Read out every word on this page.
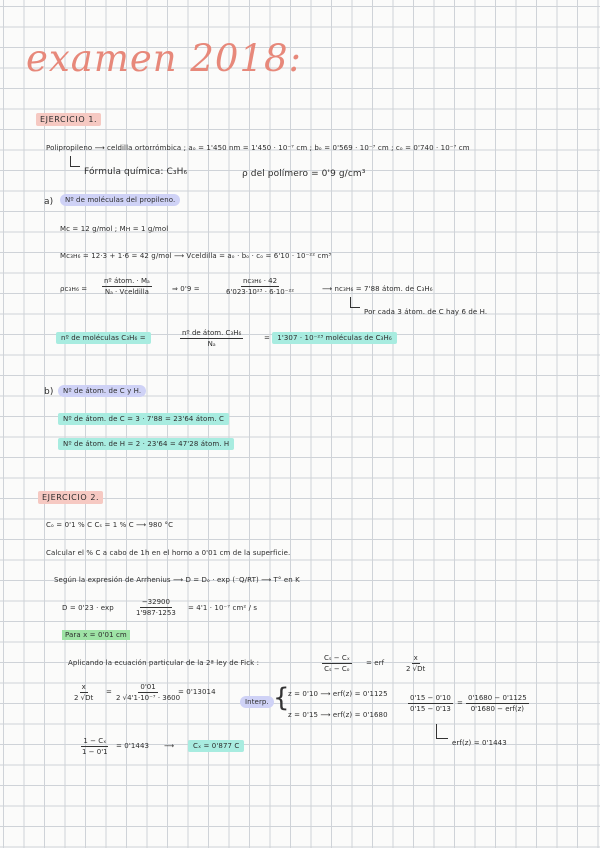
examen 2018:
EJERCICIO 1.
Polipropileno ⟶ celdilla ortorrómbica ; aₒ = 1'450 nm = 1'450 · 10⁻⁷ cm ; bₒ = 0'569 · 10⁻⁷ cm ; cₒ = 0'740 · 10⁻⁷ cm
Fórmula química: C₃H₆	ρ del polímero = 0'9 g/cm³
a)	Nº de moléculas del propileno.
Mc = 12 g/mol ; Mн = 1 g/mol
Mc₃н₆ = 12·3 + 1·6 = 42 g/mol ⟶ Vceldilla = aₒ · bₒ · cₒ = 6'10 · 10⁻²² cm³
ρc₃н₆ =
nº átom. · Mₐ
Nₐ · Vceldilla	⇒ 0'9 =
nc₃н₆ · 42
6'023·10²³ · 6·10⁻²²	⟶ nc₃н₆ = 7'88 átom. de C₃H₆
Por cada 3 átom. de C hay 6 de H.
nº de moléculas C₃H₆ =
nº de átom. C₃H₆
Nₐ
= 1'307 · 10⁻²³ moléculas de C₃H₆
b)	Nº de átom. de C y H.
Nº de átom. de C = 3 · 7'88 = 23'64 átom. C
Nº de átom. de H = 2 · 23'64 = 47'28 átom. H
EJERCICIO 2.
Cₒ = 0'1 % C Cₛ = 1 % C ⟶ 980 °C
Calcular el % C a cabo de 1h en el horno a 0'01 cm de la superficie.
Según la expresión de Arrhenius ⟶ D = Dₒ · exp (⁻Q/RT) ⟶ T° en K
D = 0'23 · exp	$\frac{-32900}{1'987\cdot 1253} = 4'1 \cdot 10^{-7}$ cm² / s
Para x = 0'01 cm
Aplicando la ecuación particular de la 2ª ley de Fick :	$\frac{\text{Cₛ − Cₓ}}{\text{Cₛ − Cₒ}}$ = erf	$\frac{x}{2 √Dt}$
$\frac{x}{2 √Dt} = \frac{0'01}{\text{2 √4'1·10⁻⁷ · 3600}}$
= 0'13014
Interp. {
z = 0'10 ⟶ erf(z) = 0'1125
z = 0'15 ⟶ erf(z) = 0'1680
$\frac{0'15 - 0'10}{0'15 - 0'13}$ =
0'1680 − 0'1125
0'1680 − erf(z)
erf(z) = 0'1443
$\frac{\text{1 − Cₓ}}{1 - 0'1} = 0'1443$ ⟶	Cₓ = 0'877 C
